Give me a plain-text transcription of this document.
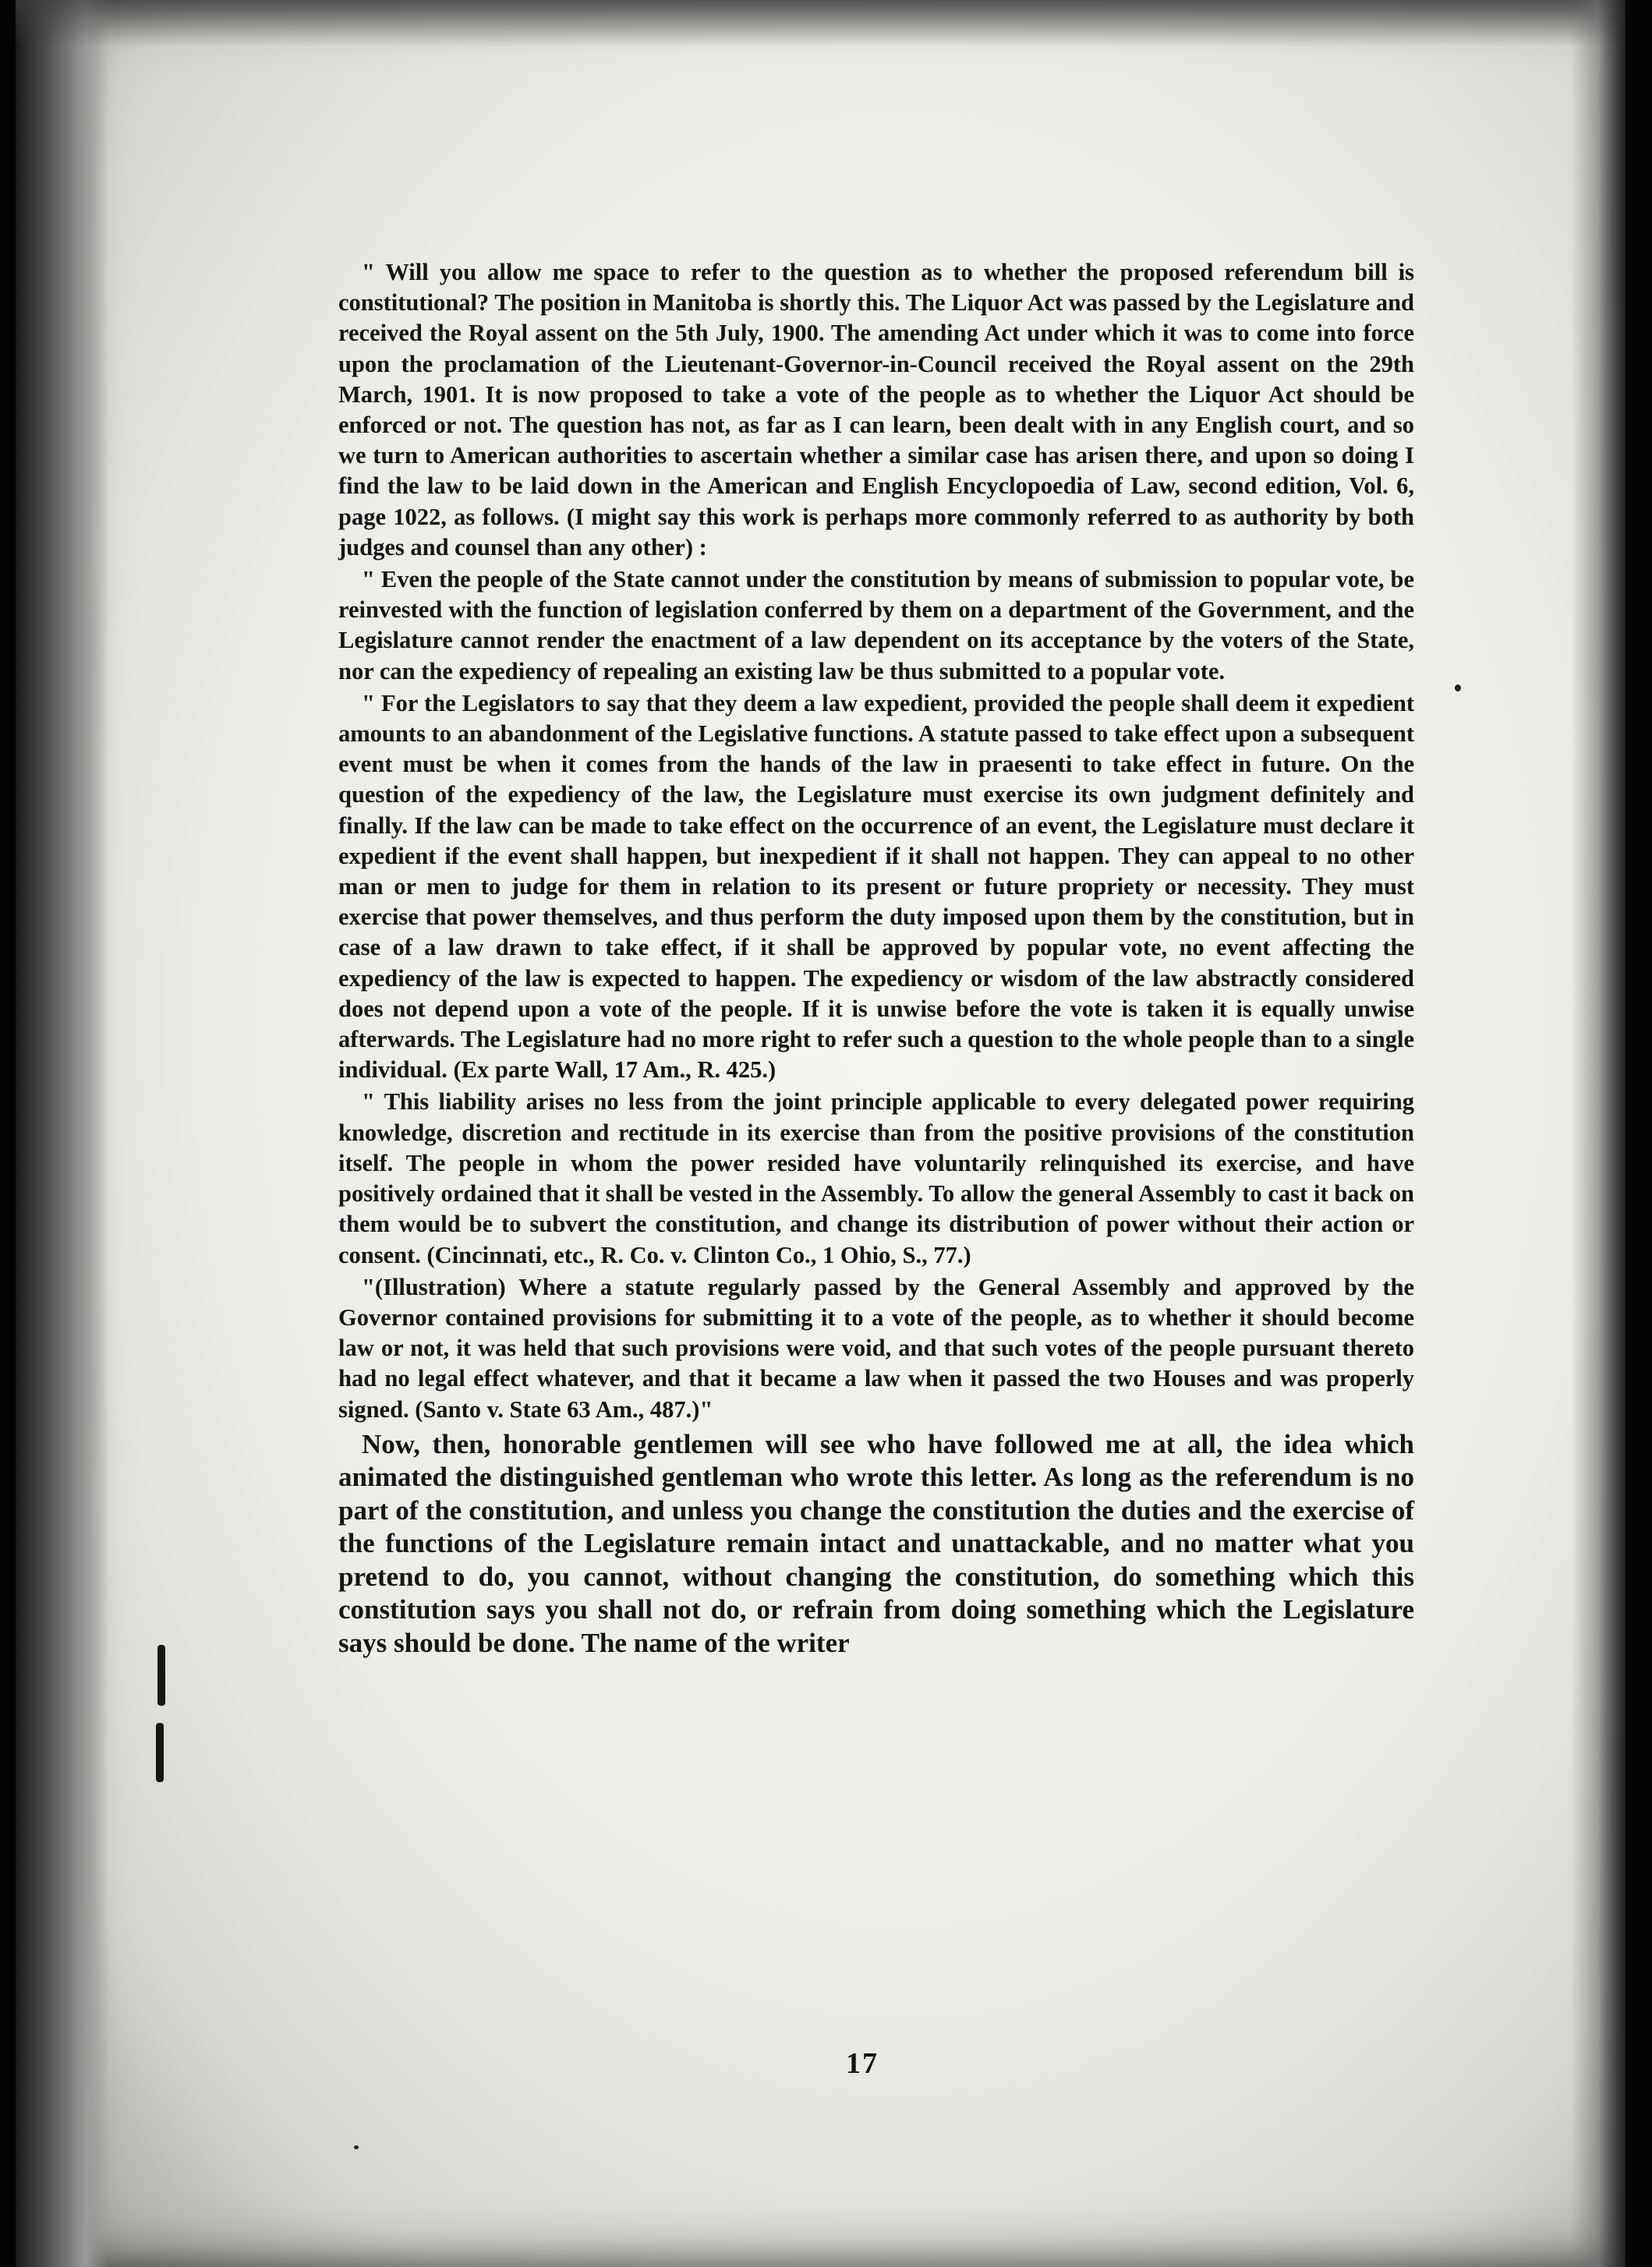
" Will you allow me space to refer to the question as to whether the proposed referendum bill is constitutional? The position in Manitoba is shortly this. The Liquor Act was passed by the Legislature and received the Royal assent on the 5th July, 1900. The amending Act under which it was to come into force upon the proclamation of the Lieutenant-Governor-in-Council received the Royal assent on the 29th March, 1901. It is now proposed to take a vote of the people as to whether the Liquor Act should be enforced or not. The question has not, as far as I can learn, been dealt with in any English court, and so we turn to American authorities to ascertain whether a similar case has arisen there, and upon so doing I find the law to be laid down in the American and English Encyclopoedia of Law, second edition, Vol. 6, page 1022, as follows. (I might say this work is perhaps more commonly referred to as authority by both judges and counsel than any other) :

" Even the people of the State cannot under the constitution by means of submission to popular vote, be reinvested with the function of legislation conferred by them on a department of the Government, and the Legislature cannot render the enactment of a law dependent on its acceptance by the voters of the State, nor can the expediency of repealing an existing law be thus submitted to a popular vote.

" For the Legislators to say that they deem a law expedient, provided the people shall deem it expedient amounts to an abandonment of the Legislative functions. A statute passed to take effect upon a subsequent event must be when it comes from the hands of the law in praesenti to take effect in future. On the question of the expediency of the law, the Legislature must exercise its own judgment definitely and finally. If the law can be made to take effect on the occurrence of an event, the Legislature must declare it expedient if the event shall happen, but inexpedient if it shall not happen. They can appeal to no other man or men to judge for them in relation to its present or future propriety or necessity. They must exercise that power themselves, and thus perform the duty imposed upon them by the constitution, but in case of a law drawn to take effect, if it shall be approved by popular vote, no event affecting the expediency of the law is expected to happen. The expediency or wisdom of the law abstractly considered does not depend upon a vote of the people. If it is unwise before the vote is taken it is equally unwise afterwards. The Legislature had no more right to refer such a question to the whole people than to a single individual. (Ex parte Wall, 17 Am., R. 425.)

" This liability arises no less from the joint principle applicable to every delegated power requiring knowledge, discretion and rectitude in its exercise than from the positive provisions of the constitution itself. The people in whom the power resided have voluntarily relinquished its exercise, and have positively ordained that it shall be vested in the Assembly. To allow the general Assembly to cast it back on them would be to subvert the constitution, and change its distribution of power without their action or consent. (Cincinnati, etc., R. Co. v. Clinton Co., 1 Ohio, S., 77.)

"(Illustration) Where a statute regularly passed by the General Assembly and approved by the Governor contained provisions for submitting it to a vote of the people, as to whether it should become law or not, it was held that such provisions were void, and that such votes of the people pursuant thereto had no legal effect whatever, and that it became a law when it passed the two Houses and was properly signed. (Santo v. State 63 Am., 487.)"

Now, then, honorable gentlemen will see who have followed me at all, the idea which animated the distinguished gentleman who wrote this letter. As long as the referendum is no part of the constitution, and unless you change the constitution the duties and the exercise of the functions of the Legislature remain intact and unattackable, and no matter what you pretend to do, you cannot, without changing the constitution, do something which this constitution says you shall not do, or refrain from doing something which the Legislature says should be done. The name of the writer

17
